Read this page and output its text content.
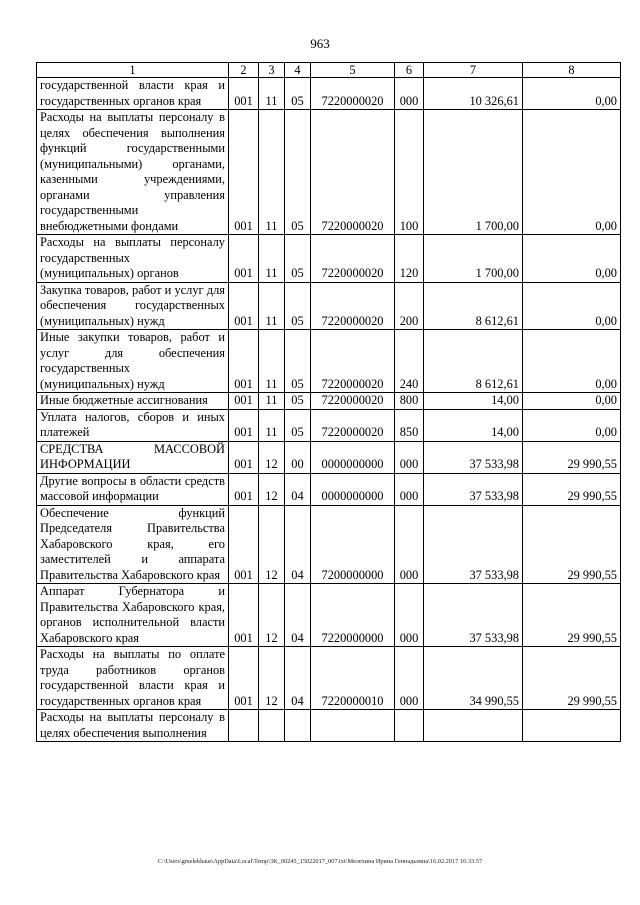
963
1	2	3	4	5	6	7	8
государственной власти края и государственных органов края	001	11	05	7220000020	000	10 326,61	0,00
Расходы на выплаты персоналу в целях обеспечения выполнения функций государственными (муниципальными) органами, казенными учреждениями, органами управления государственными внебюджетными фондами	001	11	05	7220000020	100	1 700,00	0,00
Расходы на выплаты персоналу государственных (муниципальных) органов	001	11	05	7220000020	120	1 700,00	0,00
Закупка товаров, работ и услуг для обеспечения государственных (муниципальных) нужд	001	11	05	7220000020	200	8 612,61	0,00
Иные закупки товаров, работ и услуг для обеспечения государственных (муниципальных) нужд	001	11	05	7220000020	240	8 612,61	0,00
Иные бюджетные ассигнования	001	11	05	7220000020	800	14,00	0,00
Уплата налогов, сборов и иных платежей	001	11	05	7220000020	850	14,00	0,00
СРЕДСТВА МАССОВОЙ ИНФОРМАЦИИ	001	12	00	0000000000	000	37 533,98	29 990,55
Другие вопросы в области средств массовой информации	001	12	04	0000000000	000	37 533,98	29 990,55
Обеспечение функций Председателя Правительства Хабаровского края, его заместителей и аппарата Правительства Хабаровского края	001	12	04	7200000000	000	37 533,98	29 990,55
Аппарат Губернатора и Правительства Хабаровского края, органов исполнительной власти Хабаровского края	001	12	04	7220000000	000	37 533,98	29 990,55
Расходы на выплаты по оплате труда работников органов государственной власти края и государственных органов края	001	12	04	7220000010	000	34 990,55	29 990,55
Расходы на выплаты персоналу в целях обеспечения выполнения							
C:\Users\gmelekhaus\AppData\Local\Temp\3K_00245_15022017_007.txt\Мелехина Ирина Геннадьевна\16.02.2017 16:33:57
